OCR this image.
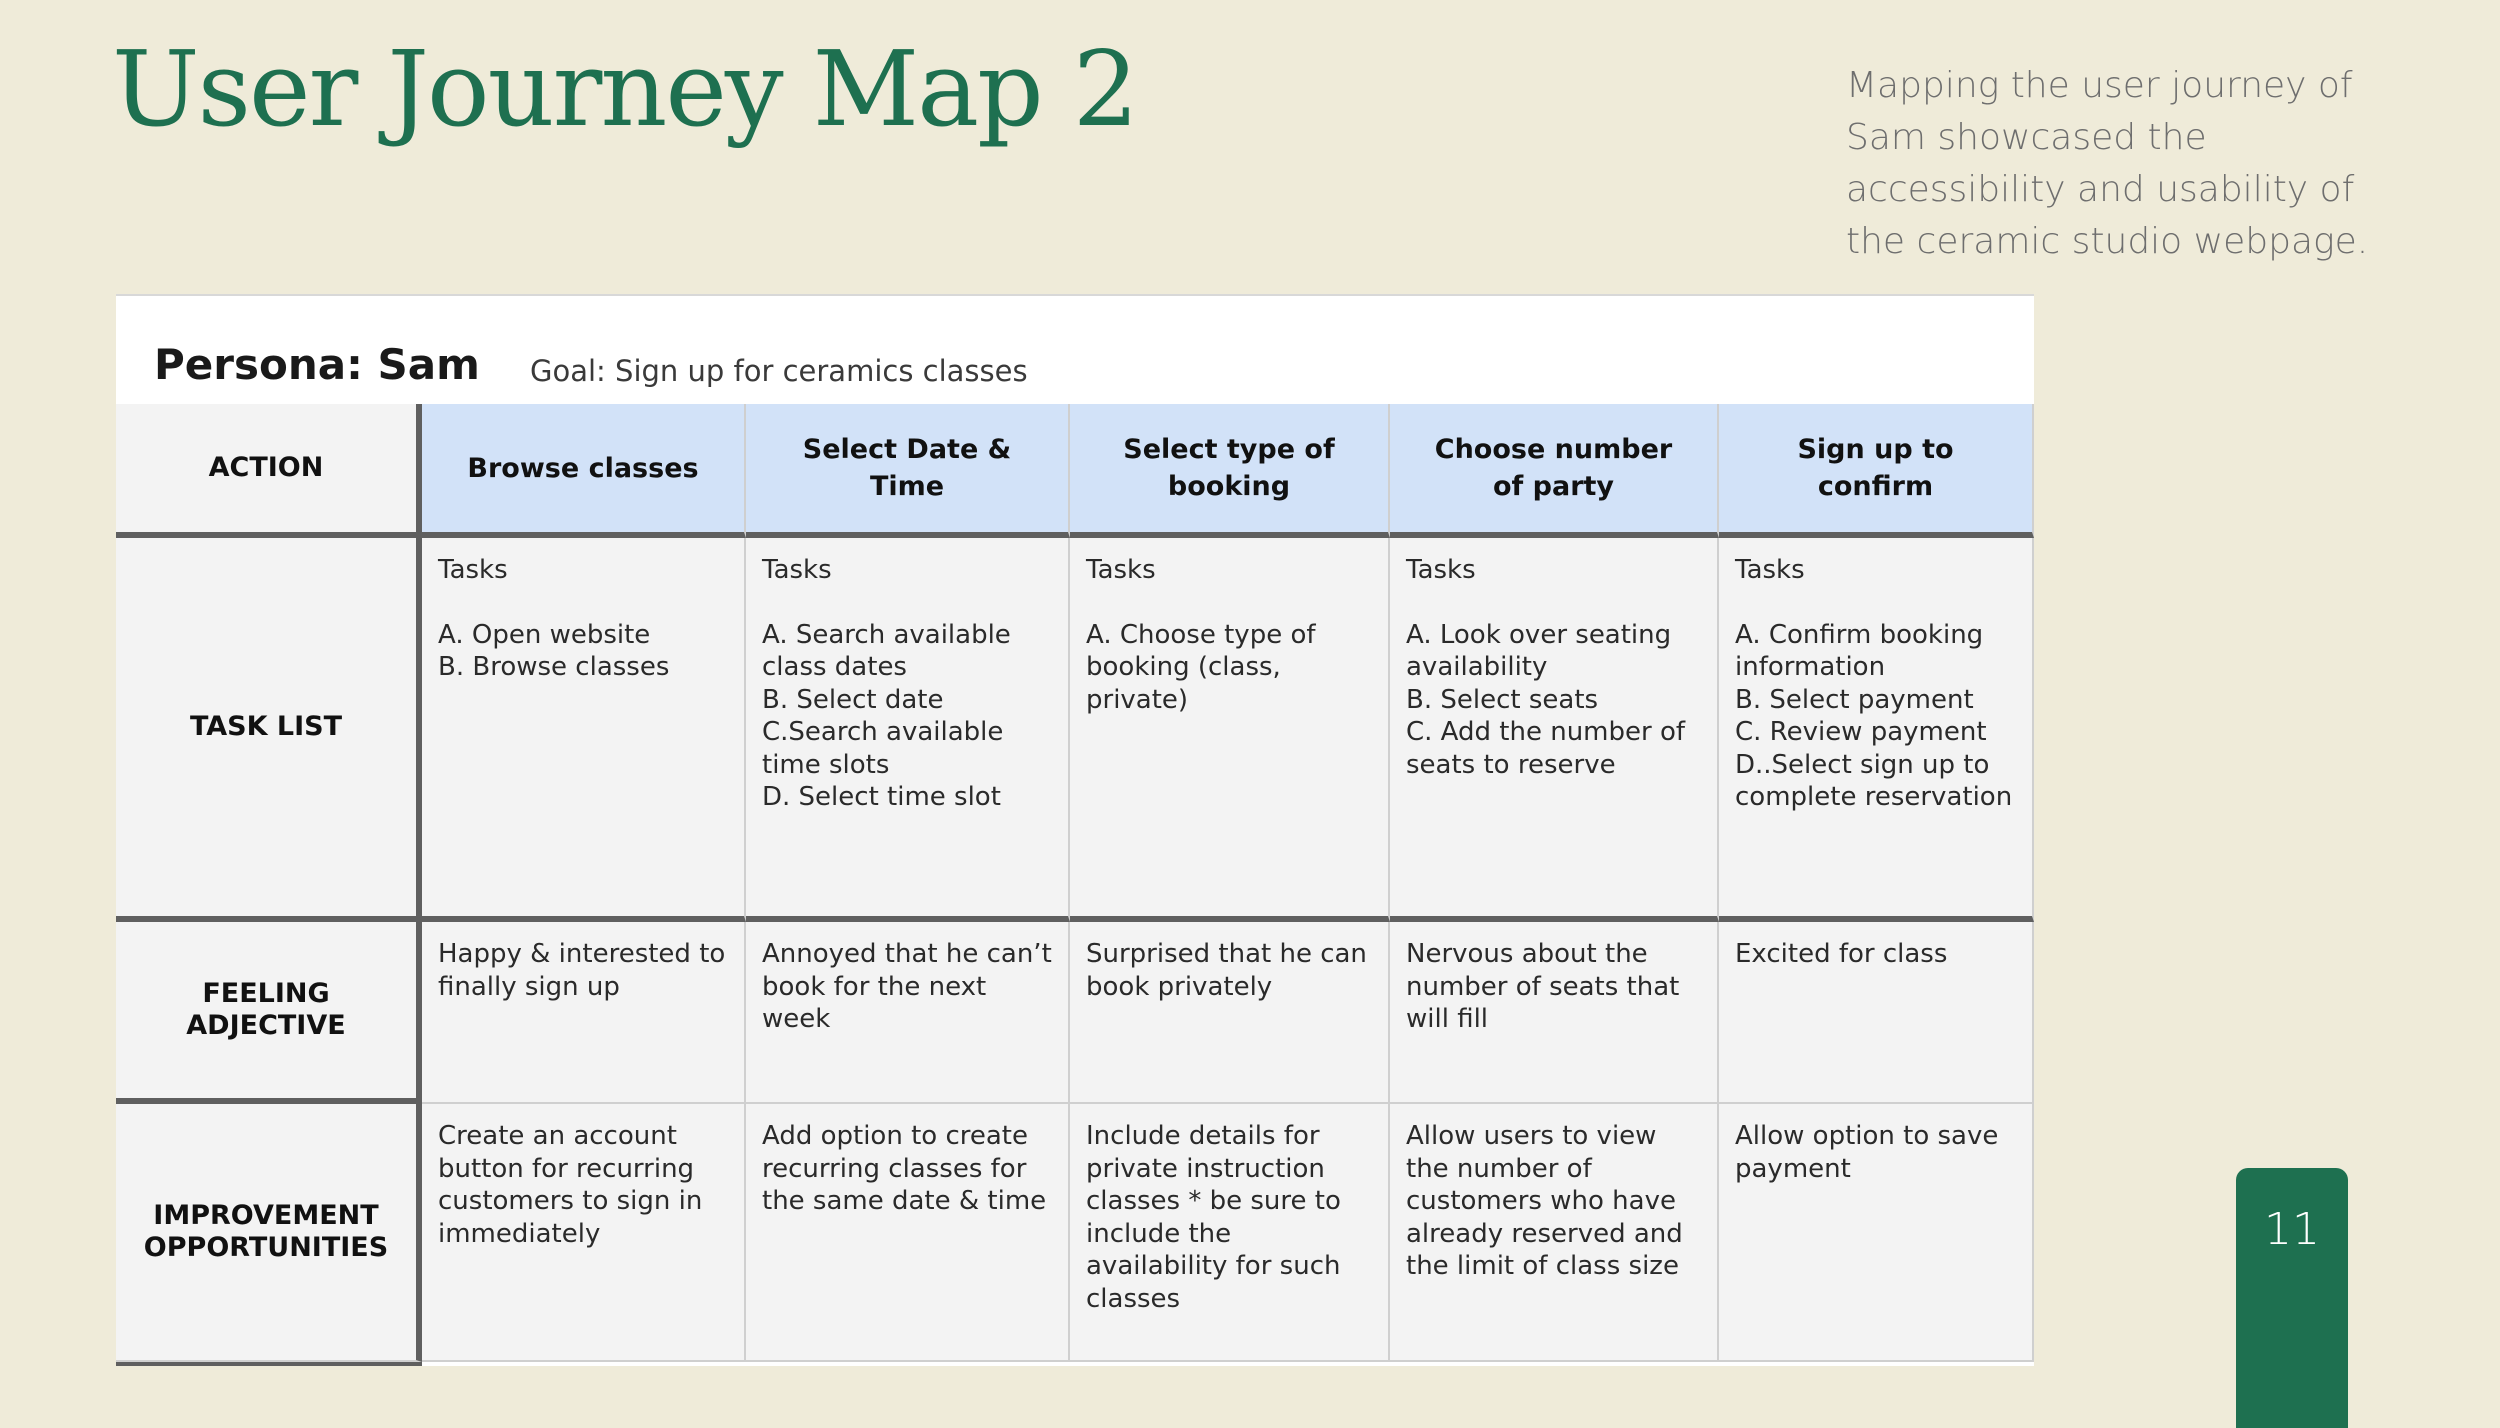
User Journey Map 2	Mapping the user journey of Sam showcased the accessibility and usability of the ceramic studio webpage.

Persona: Sam Goal: Sign up for ceramics classes
ACTION	Browse classes
Select Date & Time
Select type of booking
Choose number of party
Sign up to confirm
TASK LIST
Tasks
A. Open website
B. Browse classes
Tasks
A. Search available class dates
B. Select date
C.Search available time slots
D. Select time slot
Tasks
A. Choose type of booking (class, private)
Tasks
A. Look over seating availability
B. Select seats
C. Add the number of seats to reserve
Tasks
A. Confirm booking information
B. Select payment
C. Review payment
D..Select sign up to complete reservation
FEELING ADJECTIVE
Happy & interested to finally sign up
Annoyed that he can’t book for the next week
Surprised that he can book privately
Nervous about the number of seats that will fill
Excited for class
IMPROVEMENT OPPORTUNITIES
Create an account button for recurring customers to sign in immediately
Add option to create recurring classes for the same date & time
Include details for private instruction classes * be sure to include the availability for such classes
Allow users to view the number of customers who have already reserved and the limit of class size
Allow option to save payment
11
